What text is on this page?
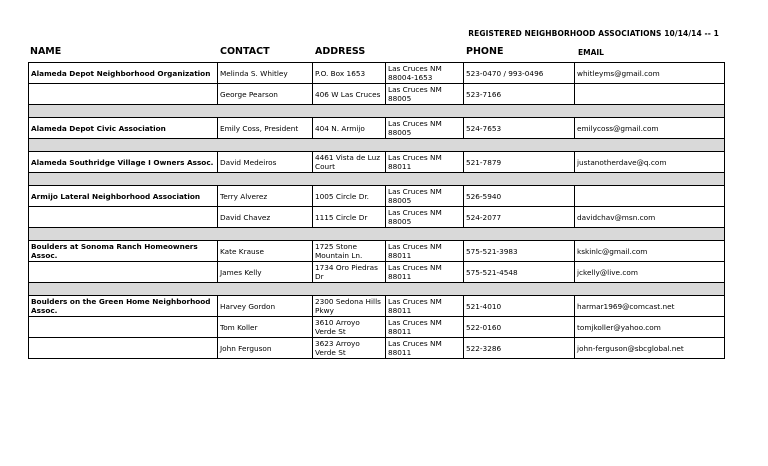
REGISTERED NEIGHBORHOOD ASSOCIATIONS 10/14/14 -- 1
NAME	CONTACT	ADDRESS	PHONE	EMAIL
Alameda Depot Neighborhood Organization	Melinda S. Whitley	P.O. Box 1653	Las Cruces NM 88004-1653	523-0470 / 993-0496	whitleyms@gmail.com
	George Pearson	406 W Las Cruces	Las Cruces NM 88005	523-7166	

Alameda Depot Civic Association	Emily Coss, President	404 N. Armijo	Las Cruces NM 88005	524-7653	emilycoss@gmail.com

Alameda Southridge Village I Owners Assoc.	David Medeiros	4461 Vista de Luz Court	Las Cruces NM 88011	521-7879	justanotherdave@q.com

Armijo Lateral Neighborhood Association	Terry Alverez	1005 Circle Dr.	Las Cruces NM 88005	526-5940	
	David Chavez	1115 Circle Dr	Las Cruces NM 88005	524-2077	davidchav@msn.com

Boulders at Sonoma Ranch Homeowners Assoc.	Kate Krause	1725 Stone Mountain Ln.	Las Cruces NM 88011	575-521-3983	kskinlc@gmail.com
	James Kelly	1734 Oro Piedras Dr	Las Cruces NM 88011	575-521-4548	jckelly@live.com

Boulders on the Green Home Neighborhood Assoc.	Harvey Gordon	2300 Sedona Hills Pkwy	Las Cruces NM 88011	521-4010	harmar1969@comcast.net
	Tom Koller	3610 Arroyo Verde St	Las Cruces NM 88011	522-0160	tomjkoller@yahoo.com
	John Ferguson	3623 Arroyo Verde St	Las Cruces NM 88011	522-3286	john-ferguson@sbcglobal.net
